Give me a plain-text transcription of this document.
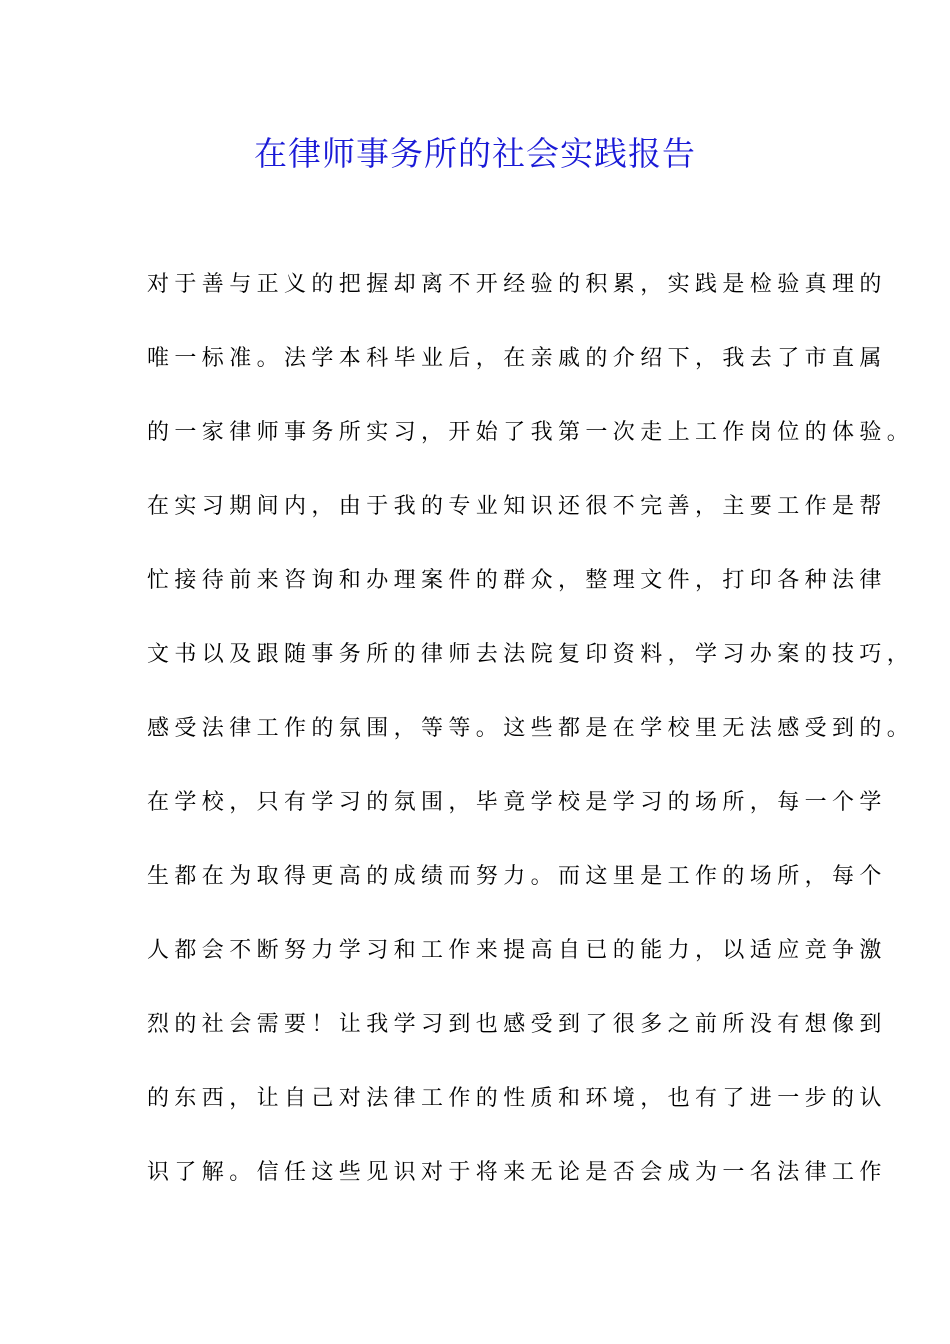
在律师事务所的社会实践报告
对于善与正义的把握却离不开经验的积累，实践是检验真理的
唯一标准。法学本科毕业后，在亲戚的介绍下，我去了市直属
的一家律师事务所实习，开始了我第一次走上工作岗位的体验。
在实习期间内，由于我的专业知识还很不完善，主要工作是帮
忙接待前来咨询和办理案件的群众，整理文件，打印各种法律
文书以及跟随事务所的律师去法院复印资料，学习办案的技巧，
感受法律工作的氛围，等等。这些都是在学校里无法感受到的。
在学校，只有学习的氛围，毕竟学校是学习的场所，每一个学
生都在为取得更高的成绩而努力。而这里是工作的场所，每个
人都会不断努力学习和工作来提高自已的能力，以适应竞争激
烈的社会需要！让我学习到也感受到了很多之前所没有想像到
的东西，让自己对法律工作的性质和环境，也有了进一步的认
识了解。信任这些见识对于将来无论是否会成为一名法律工作
